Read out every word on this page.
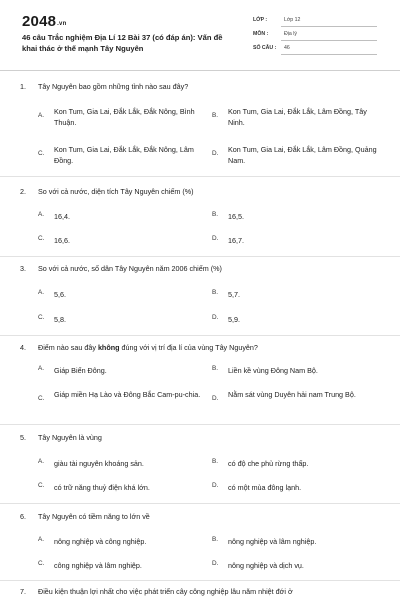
2048.vn
46 câu Trắc nghiệm Địa Lí 12 Bài 37 (có đáp án): Vấn đề khai thác ở thế mạnh Tây Nguyên
LỚP :	Lớp 12
MÔN :	Địa lý
SỐ CÂU : 46
1. Tây Nguyên bao gồm những tỉnh nào sau đây?
A. Kon Tum, Gia Lai, Đắk Lắk, Đắk Nông, Bình Thuận.
B. Kon Tum, Gia Lai, Đắk Lắk, Lâm Đồng, Tây Ninh.
C. Kon Tum, Gia Lai, Đắk Lắk, Đắk Nông, Lâm Đồng.
D. Kon Tum, Gia Lai, Đắk Lắk, Lâm Đồng, Quảng Nam.
2. So với cả nước, diện tích Tây Nguyên chiếm (%)
A. 16,4.	B. 16,5.
C. 16,6.	D. 16,7.
3. So với cả nước, số dân Tây Nguyên năm 2006 chiếm (%)
A. 5,6.	B. 5,7.
C. 5,8.	D. 5,9.
4. Điểm nào sau đây không đúng với vị trí địa lí của vùng Tây Nguyên?
A. Giáp Biển Đông.	B. Liền kề vùng Đông Nam Bộ.
C. Giáp miền Hạ Lào và Đông Bắc Cam-pu-chia.	D. Nằm sát vùng Duyên hải nam Trung Bộ.
5. Tây Nguyên là vùng
A. giàu tài nguyên khoáng sản.	B. có độ che phủ rừng thấp.
C. có trữ năng thuỷ điện khá lớn.	D. có một mùa đông lạnh.
6. Tây Nguyên có tiềm năng to lớn về
A. nông nghiệp và công nghiệp.	B. nông nghiệp và lâm nghiệp.
C. công nghiệp và lâm nghiệp.	D. nông nghiệp và dịch vụ.
7. Điều kiện thuận lợi nhất cho việc phát triển cây công nghiệp lâu năm nhiệt đới ở
